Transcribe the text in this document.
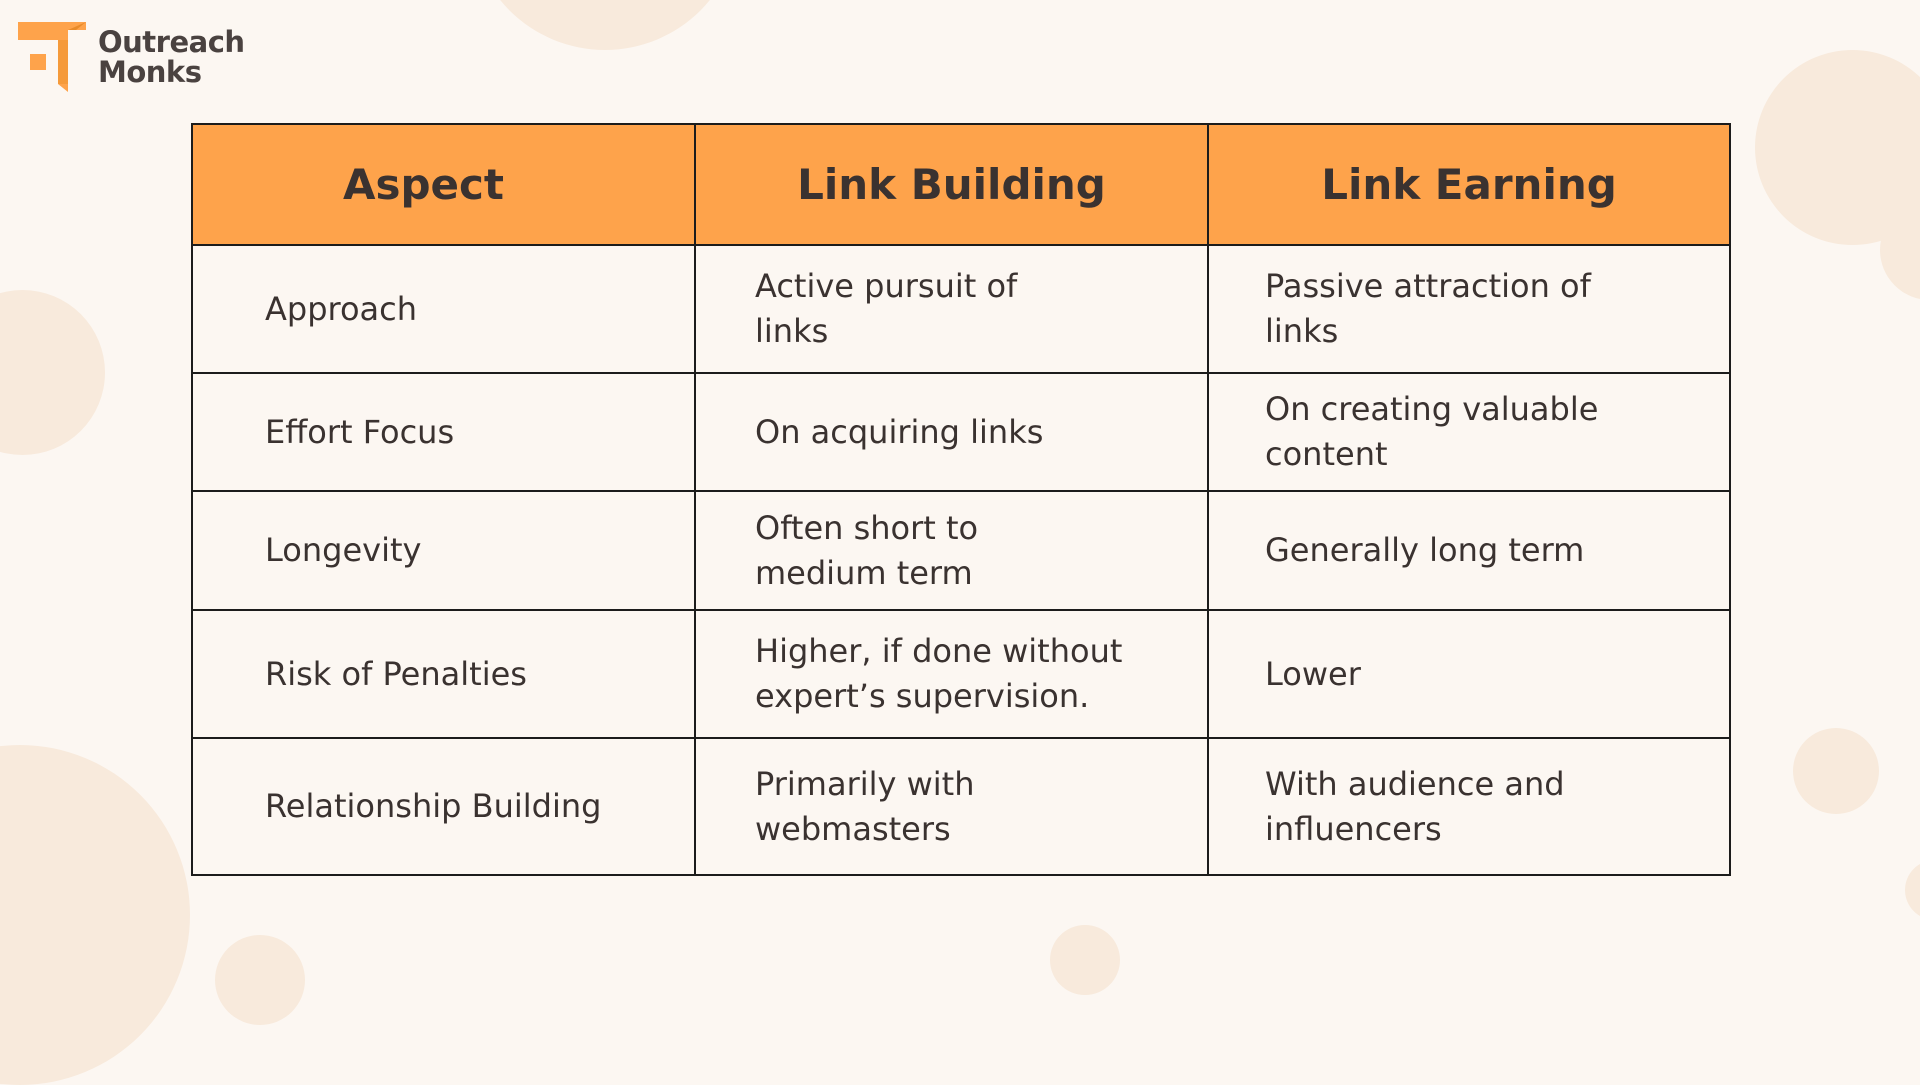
Outreach
Monks
Aspect	Link Building	Link Earning

Approach	Active pursuit of links	Passive attraction of links

Effort Focus	On acquiring links	On creating valuable content

Longevity	Often short to medium term	Generally long term

Risk of Penalties	Higher, if done without expert’s supervision.	Lower

Relationship Building	Primarily with webmasters	With audience and influencers
